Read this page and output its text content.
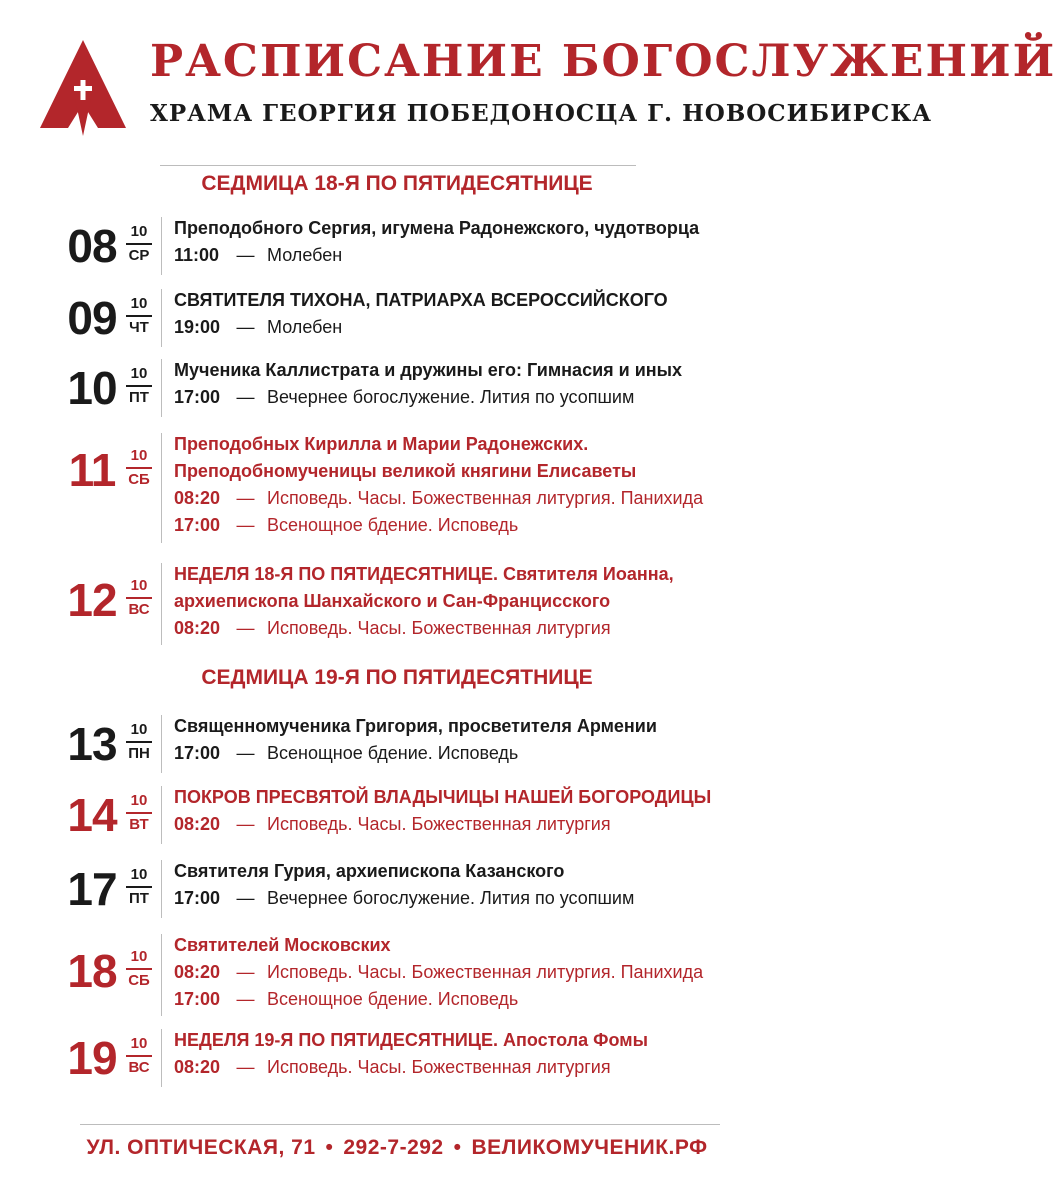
РАСПИСАНИЕ БОГОСЛУЖЕНИЙ
ХРАМА ГЕОРГИЯ ПОБЕДОНОСЦА Г. НОВОСИБИРСКА
СЕДМИЦА 18-Я ПО ПЯТИДЕСЯТНИЦЕ
08 10
СР
Преподобного Сергия, игумена Радонежского, чудотворца
11:00 — Молебен
09 10
ЧТ
СВЯТИТЕЛЯ ТИХОНА, ПАТРИАРХА ВСЕРОССИЙСКОГО
19:00 — Молебен
10 10
ПТ
Мученика Каллистрата и дружины его: Гимнасия и иных
17:00 — Вечернее богослужение. Лития по усопшим
11	10
СБ
Преподобных Кирилла и Марии Радонежских.
Преподобномученицы великой княгини Елисаветы
08:20 — Исповедь. Часы. Божественная литургия. Панихида
17:00 — Всенощное бдение. Исповедь
12 10
ВС
НЕДЕЛЯ 18-Я ПО ПЯТИДЕСЯТНИЦЕ. Святителя Иоанна,
архиепископа Шанхайского и Сан-Францисского
08:20 — Исповедь. Часы. Божественная литургия
СЕДМИЦА 19-Я ПО ПЯТИДЕСЯТНИЦЕ
13 10
ПН
Священномученика Григория, просветителя Армении
17:00 — Всенощное бдение. Исповедь
14 10
ВТ
ПОКРОВ ПРЕСВЯТОЙ ВЛАДЫЧИЦЫ НАШЕЙ БОГОРОДИЦЫ
08:20 — Исповедь. Часы. Божественная литургия
17 10
ПТ
Святителя Гурия, архиепископа Казанского
17:00 — Вечернее богослужение. Лития по усопшим
18 10
СБ
Святителей Московских
08:20 — Исповедь. Часы. Божественная литургия. Панихида
17:00 — Всенощное бдение. Исповедь
19 10
ВС
НЕДЕЛЯ 19-Я ПО ПЯТИДЕСЯТНИЦЕ. Апостола Фомы
08:20 — Исповедь. Часы. Божественная литургия
УЛ. ОПТИЧЕСКАЯ, 71 • 292-7-292 • ВЕЛИКОМУЧЕНИК.РФ
